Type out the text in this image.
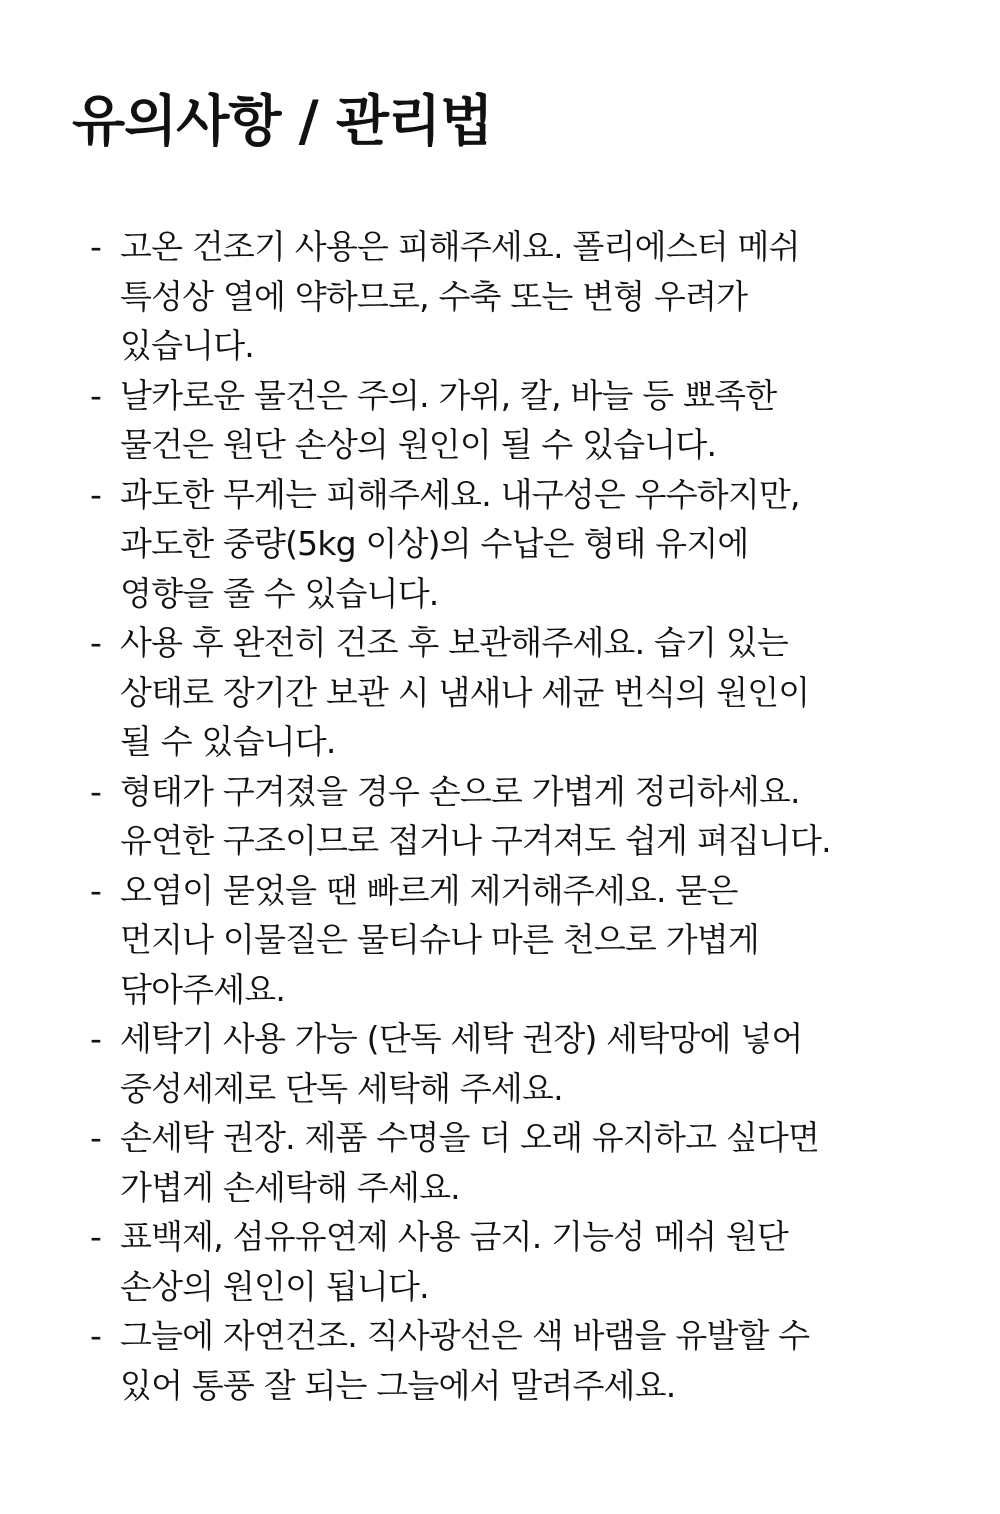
유의사항 / 관리법
- 고온 건조기 사용은 피해주세요. 폴리에스터 메쉬
특성상 열에 약하므로, 수축 또는 변형 우려가
있습니다.
- 날카로운 물건은 주의. 가위, 칼, 바늘 등 뾰족한
물건은 원단 손상의 원인이 될 수 있습니다.
- 과도한 무게는 피해주세요. 내구성은 우수하지만,
과도한 중량(5kg 이상)의 수납은 형태 유지에
영향을 줄 수 있습니다.
- 사용 후 완전히 건조 후 보관해주세요. 습기 있는
상태로 장기간 보관 시 냄새나 세균 번식의 원인이
될 수 있습니다.
- 형태가 구겨졌을 경우 손으로 가볍게 정리하세요.
유연한 구조이므로 접거나 구겨져도 쉽게 펴집니다.
- 오염이 묻었을 땐 빠르게 제거해주세요. 묻은
먼지나 이물질은 물티슈나 마른 천으로 가볍게
닦아주세요.
- 세탁기 사용 가능 (단독 세탁 권장) 세탁망에 넣어
중성세제로 단독 세탁해 주세요.
- 손세탁 권장. 제품 수명을 더 오래 유지하고 싶다면
가볍게 손세탁해 주세요.
- 표백제, 섬유유연제 사용 금지. 기능성 메쉬 원단
손상의 원인이 됩니다.
- 그늘에 자연건조. 직사광선은 색 바램을 유발할 수
있어 통풍 잘 되는 그늘에서 말려주세요.
